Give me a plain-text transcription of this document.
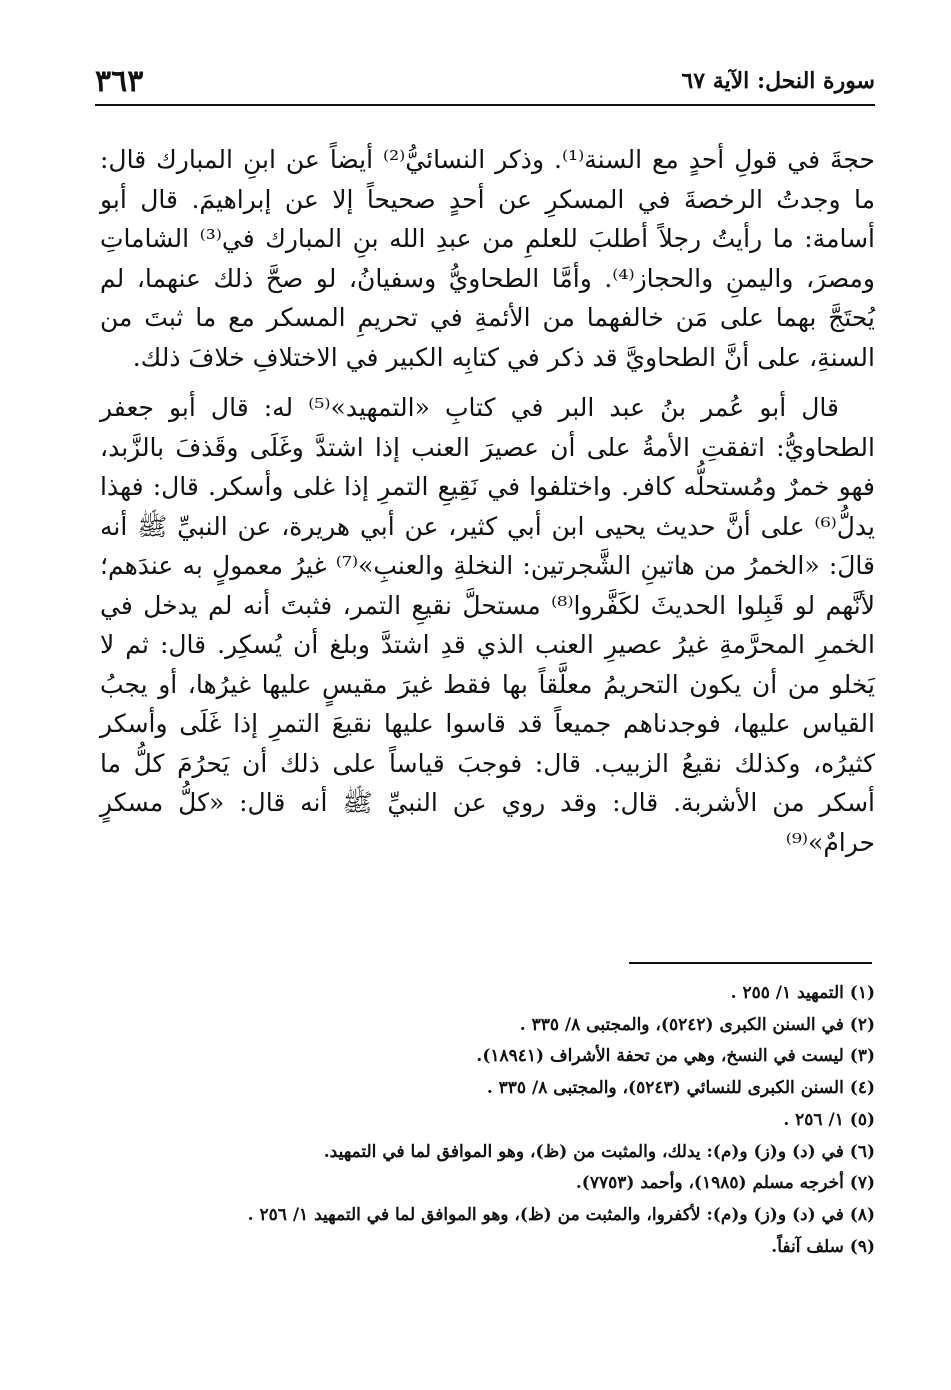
سورة النحل: الآية ٦٧
٣٦٣

حجةَ في قولِ أحدٍ مع السنة⁽¹⁾. وذكر النسائيُّ⁽²⁾ أيضاً عن ابنِ المبارك قال: ما وجدتُ الرخصةَ في المسكرِ عن أحدٍ صحيحاً إلا عن إبراهيمَ. قال أبو أسامة: ما رأيتُ رجلاً أطلبَ للعلمِ من عبدِ الله بنِ المبارك في⁽³⁾ الشاماتِ ومصرَ، واليمنِ والحجاز⁽⁴⁾. وأمَّا الطحاويُّ وسفيانُ، لو صحَّ ذلك عنهما، لم يُحتَجَّ بهما على مَن خالفهما من الأئمةِ في تحريمِ المسكر مع ما ثبتَ من السنةِ، على أنَّ الطحاويَّ قد ذكر في كتابِه الكبير في الاختلافِ خلافَ ذلك.

قال أبو عُمر بنُ عبد البر في كتابِ «التمهيد»⁽⁵⁾ له: قال أبو جعفر الطحاويُّ: اتفقتِ الأمةُ على أن عصيرَ العنب إذا اشتدَّ وغَلَى وقَذفَ بالزَّبد، فهو خمرٌ ومُستحلُّه كافر. واختلفوا في نَقِيعِ التمرِ إذا غلى وأسكر. قال: فهذا يدلُّ⁽⁶⁾ على أنَّ حديث يحيى ابن أبي كثير، عن أبي هريرة، عن النبيِّ ﷺ أنه قالَ: «الخمرُ من هاتينِ الشَّجرتين: النخلةِ والعنبِ»⁽⁷⁾ غيرُ معمولٍ به عندَهم؛ لأنَّهم لو قَبِلوا الحديثَ لكَفَّروا⁽⁸⁾ مستحلَّ نقيعِ التمر، فثبتَ أنه لم يدخل في الخمرِ المحرَّمةِ غيرُ عصيرِ العنب الذي قدِ اشتدَّ وبلغ أن يُسكِر. قال: ثم لا يَخلو من أن يكون التحريمُ معلَّقاً بها فقط غيرَ مقيسٍ عليها غيرُها، أو يجبُ القياس عليها، فوجدناهم جميعاً قد قاسوا عليها نقيعَ التمرِ إذا غَلَى وأسكر كثيرُه، وكذلك نقيعُ الزبيب. قال: فوجبَ قياساً على ذلك أن يَحرُمَ كلُّ ما أسكر من الأشربة. قال: وقد روي عن النبيِّ ﷺ أنه قال: «كلُّ مسكرٍ حرامٌ»⁽⁹⁾

(١) التمهيد ١/ ٢٥٥ .
(٢) في السنن الكبرى (٥٢٤٢)، والمجتبى ٨/ ٣٣٥ .
(٣) ليست في النسخ، وهي من تحفة الأشراف (١٨٩٤١).
(٤) السنن الكبرى للنسائي (٥٢٤٣)، والمجتبى ٨/ ٣٣٥ .
(٥) ١/ ٢٥٦ .
(٦) في (د) و(ز) و(م): يدلك، والمثبت من (ظ)، وهو الموافق لما في التمهيد.
(٧) أخرجه مسلم (١٩٨٥)، وأحمد (٧٧٥٣).
(٨) في (د) و(ز) و(م): لأكفروا، والمثبت من (ظ)، وهو الموافق لما في التمهيد ١/ ٢٥٦ .
(٩) سلف آنفاً.
